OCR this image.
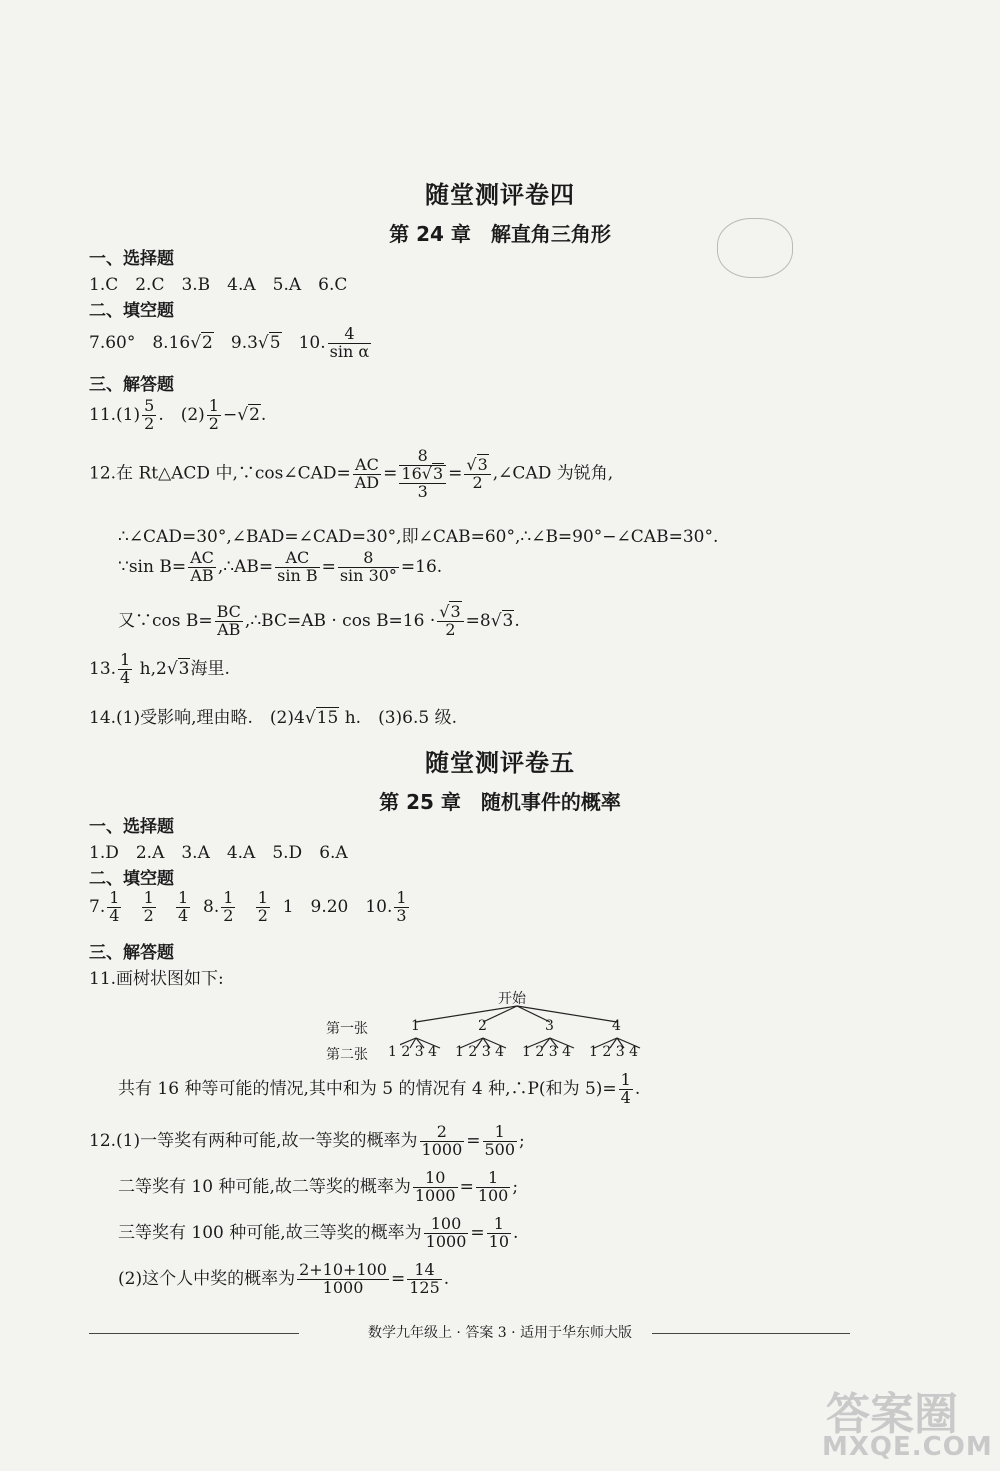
随堂测评卷四
第 24 章　解直角三角形
一、选择题
1.C　2.C　3.B　4.A　5.A　6.C
二、填空题
7.60°　8.16√2　9.3√5　10. $\frac{4}{\text{sin α}}$
三、解答题
$11.(1) \frac{5}{2}$ .　$(2) \frac{1}{2} -√2$.
12.在 Rt△ACD 中,∵cos∠CAD= $\frac{AC}{AD}$ =
8
16√3
3
= $\frac{√3}{2}$ ,∠CAD 为锐角,
∴∠CAD=30°,∠BAD=∠CAD=30°,即∠CAB=60°,∴∠B=90°−∠CAB=30°.
∵sin $B= \frac{AC}{AB}$ ,∴AB= $\frac{AC}{\text{sin B}} = \frac{8}{\sin 30^\circ} =16$.
又∵cos $B= \frac{BC}{AB}$ ,∴BC=AB · $\cos B=16 \cdot \frac{√3}{2} =8√3$.
13. $\frac{1}{4} h,2√3$海里.
14.(1)受影响,理由略.　(2)4√15 h.　(3)6.5 级.
随堂测评卷五
第 25 章　随机事件的概率
一、选择题
1.D　2.A　3.A　4.A　5.D　6.A
二、填空题
7. $\frac{1}{4}$
$\frac{1}{2}$
$\frac{1}{4} 8$. $\frac{1}{2}$
$\frac{1}{2} 1$　9.20　10. $\frac{1}{3}$
三、解答题
11.画树状图如下:
开始
第一张	1	2	3	4
第二张 1 2 3 4 1 2 3 4 1 2 3 4 1 2 3 4
共有 16 种等可能的情况,其中和为 5 的情况有 4 种,∴P(和为 $5)= \frac{1}{4}$ .
12.(1)一等奖有两种可能,故一等奖的概率为 $\frac{2}{1000} = \frac{1}{500}$ ;
二等奖有 10 种可能,故二等奖的概率为 $\frac{10}{1000} = \frac{1}{100}$ ;
三等奖有 100 种可能,故三等奖的概率为 $\frac{100}{1000} = \frac{1}{10}$ .
(2)这个人中奖的概率为 $\frac{2+10+100}{1000} = \frac{14}{125}$ .
数学九年级上 · 答案 3 · 适用于华东师大版
答案圈
MXQE.COM
